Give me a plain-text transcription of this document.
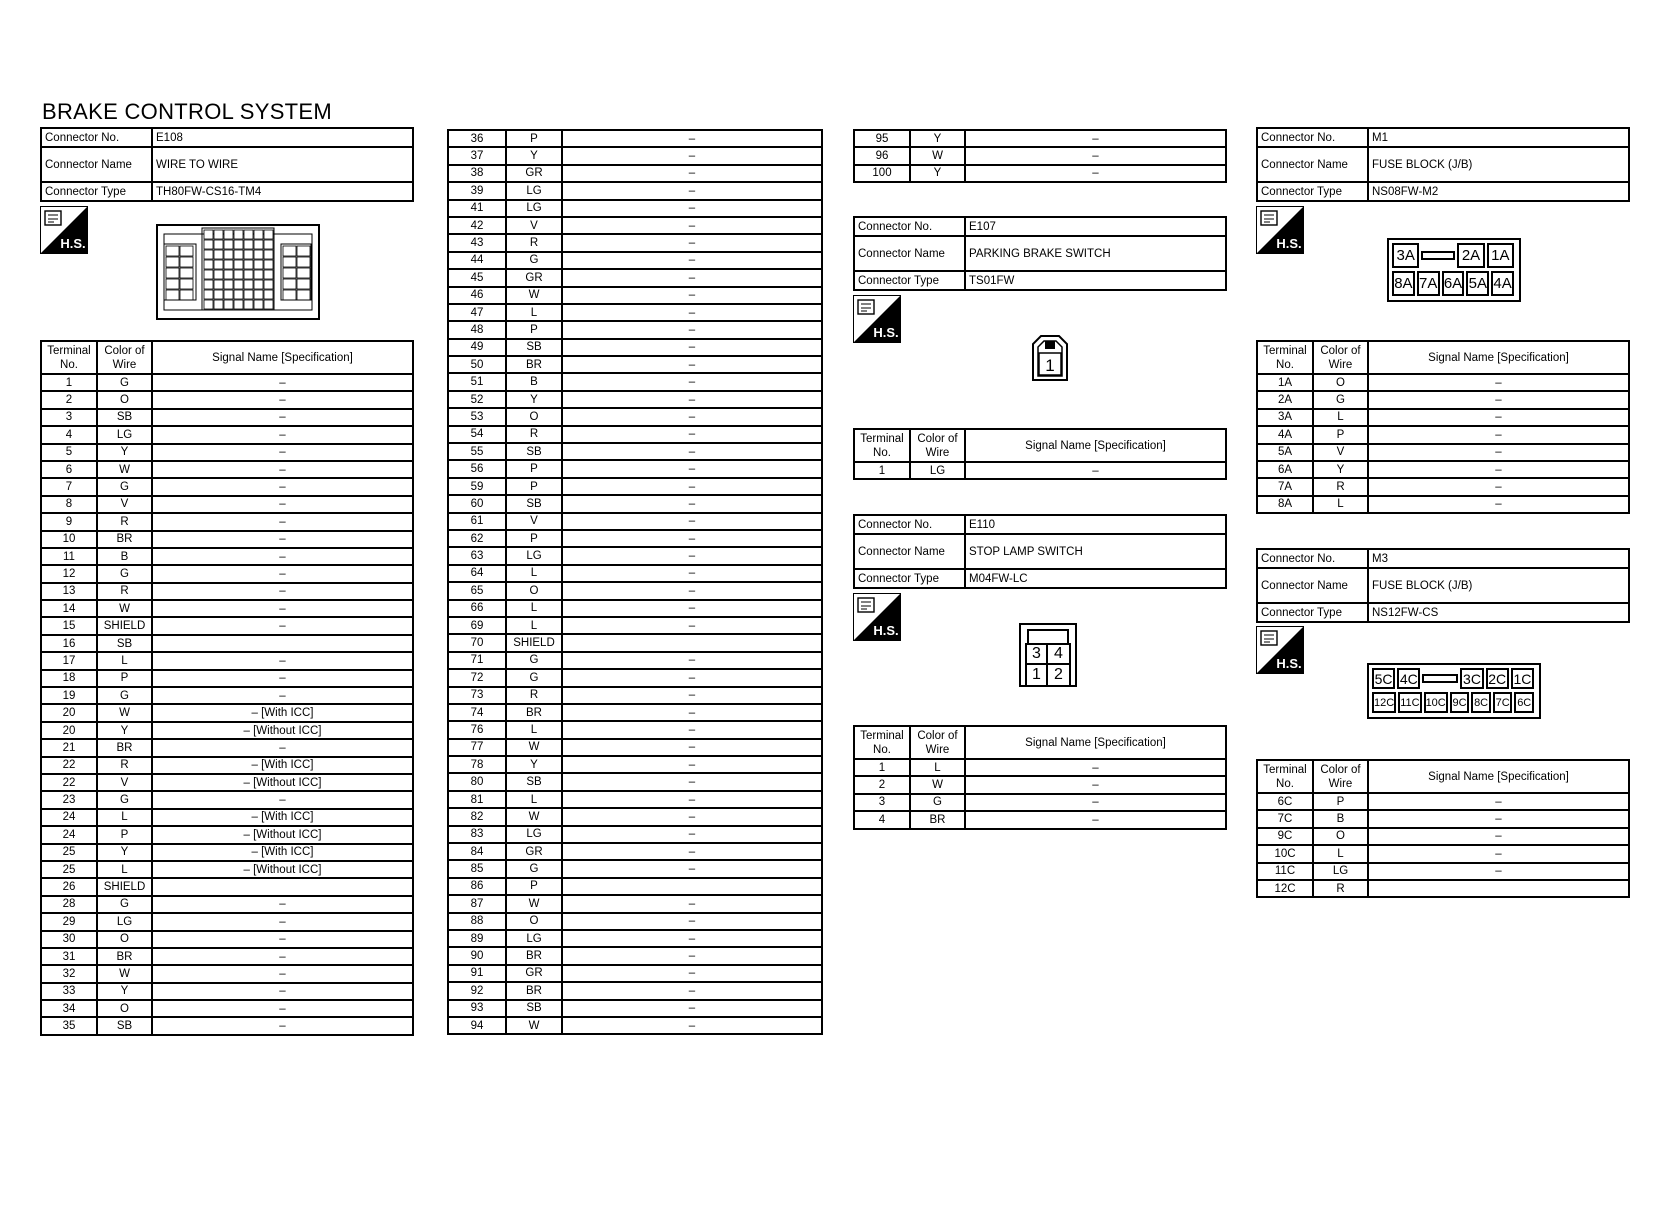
BRAKE CONTROL SYSTEM
Connector No.	E108
Connector Name	WIRE TO WIRE
Connector Type	TH80FW-CS16-TM4
H.S.
Terminal No.	Color of Wire	Signal Name [Specification]
1	G	–
2	O	–
3	SB	–
4	LG	–
5	Y	–
6	W	–
7	G	–
8	V	–
9	R	–
10	BR	–
11	B	–
12	G	–
13	R	–
14	W	–
15	SHIELD	–
16	SB	
17	L	–
18	P	–
19	G	–
20	W	– [With ICC]
20	Y	– [Without ICC]
21	BR	–
22	R	– [With ICC]
22	V	– [Without ICC]
23	G	–
24	L	– [With ICC]
24	P	– [Without ICC]
25	Y	– [With ICC]
25	L	– [Without ICC]
26	SHIELD	
28	G	–
29	LG	–
30	O	–
31	BR	–
32	W	–
33	Y	–
34	O	–
35	SB	–
36	P	–
37	Y	–
38	GR	–
39	LG	–
41	LG	–
42	V	–
43	R	–
44	G	–
45	GR	–
46	W	–
47	L	–
48	P	–
49	SB	–
50	BR	–
51	B	–
52	Y	–
53	O	–
54	R	–
55	SB	–
56	P	–
59	P	–
60	SB	–
61	V	–
62	P	–
63	LG	–
64	L	–
65	O	–
66	L	–
69	L	–
70	SHIELD	
71	G	–
72	G	–
73	R	–
74	BR	–
76	L	–
77	W	–
78	Y	–
80	SB	–
81	L	–
82	W	–
83	LG	–
84	GR	–
85	G	–
86	P	
87	W	–
88	O	–
89	LG	–
90	BR	–
91	GR	–
92	BR	–
93	SB	–
94	W	–
95	Y	–
96	W	–
100	Y	–
Connector No.	E107
Connector Name	PARKING BRAKE SWITCH
Connector Type	TS01FW
H.S.
1
Terminal No.	Color of Wire	Signal Name [Specification]
1	LG	–
Connector No.	E110
Connector Name	STOP LAMP SWITCH
Connector Type	M04FW-LC
H.S.
3 4
1 2
Terminal No.	Color of Wire	Signal Name [Specification]
1	L	–
2	W	–
3	G	–
4	BR	–
Connector No.	M1
Connector Name	FUSE BLOCK (J/B)
Connector Type	NS08FW-M2
H.S.
3A	2A 1A
8A 7A 6A 5A 4A
Terminal No.	Color of Wire	Signal Name [Specification]
1A	O	–
2A	G	–
3A	L	–
4A	P	–
5A	V	–
6A	Y	–
7A	R	–
8A	L	–
Connector No.	M3
Connector Name	FUSE BLOCK (J/B)
Connector Type	NS12FW-CS
H.S.
5C 4C	3C 2C 1C
12C 11C 10C 9C 8C 7C 6C
Terminal No.	Color of Wire	Signal Name [Specification]
6C	P	–
7C	B	–
9C	O	–
10C	L	–
11C	LG	–
12C	R	
